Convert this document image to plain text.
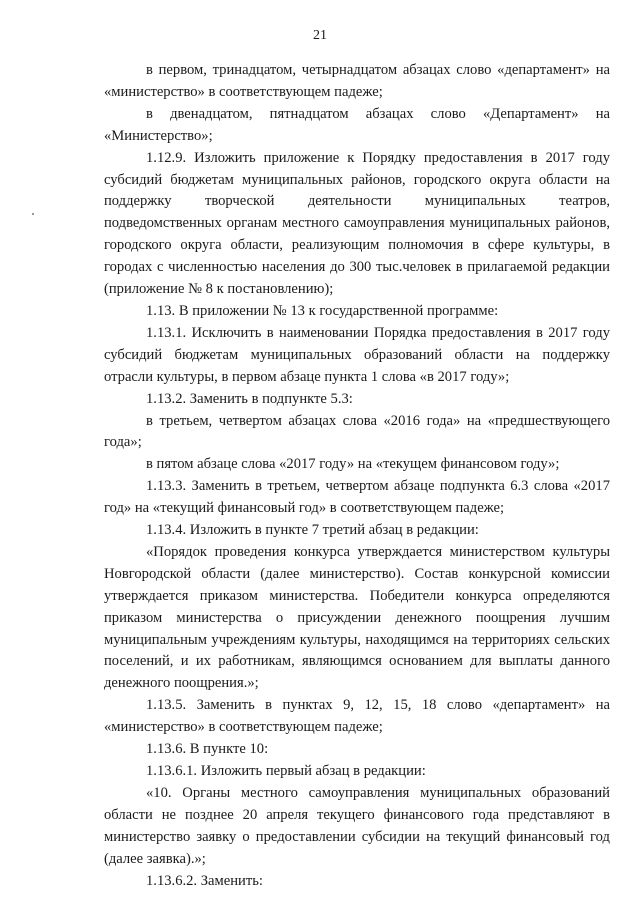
21

в первом, тринадцатом, четырнадцатом абзацах слово «департамент» на «министерство» в соответствующем падеже;

в двенадцатом, пятнадцатом абзацах слово «Департамент» на «Министерство»;

1.12.9. Изложить приложение к Порядку предоставления в 2017 году субсидий бюджетам муниципальных районов, городского округа области на поддержку творческой деятельности муниципальных театров, подведомственных органам местного самоуправления муниципальных районов, городского округа области, реализующим полномочия в сфере культуры, в городах с численностью населения до 300 тыс.человек в прилагаемой редакции (приложение № 8 к постановлению);

1.13. В приложении № 13 к государственной программе:

1.13.1. Исключить в наименовании Порядка предоставления в 2017 году субсидий бюджетам муниципальных образований области на поддержку отрасли культуры, в первом абзаце пункта 1 слова «в 2017 году»;

1.13.2. Заменить в подпункте 5.3:

в третьем, четвертом абзацах слова «2016 года» на «предшествующего года»;

в пятом абзаце слова «2017 году» на «текущем финансовом году»;

1.13.3. Заменить в третьем, четвертом абзаце подпункта 6.3 слова «2017 год» на «текущий финансовый год» в соответствующем падеже;

1.13.4. Изложить в пункте 7 третий абзац в редакции:

«Порядок проведения конкурса утверждается министерством культуры Новгородской области (далее министерство). Состав конкурсной комиссии утверждается приказом министерства. Победители конкурса определяются приказом министерства о присуждении денежного поощрения лучшим муниципальным учреждениям культуры, находящимся на территориях сельских поселений, и их работникам, являющимся основанием для выплаты данного денежного поощрения.»;

1.13.5. Заменить в пунктах 9, 12, 15, 18 слово «департамент» на «министерство» в соответствующем падеже;

1.13.6. В пункте 10:

1.13.6.1. Изложить первый абзац в редакции:

«10. Органы местного самоуправления муниципальных образований области не позднее 20 апреля текущего финансового года представляют в министерство заявку о предоставлении субсидии на текущий финансовый год (далее заявка).»;

1.13.6.2. Заменить:
